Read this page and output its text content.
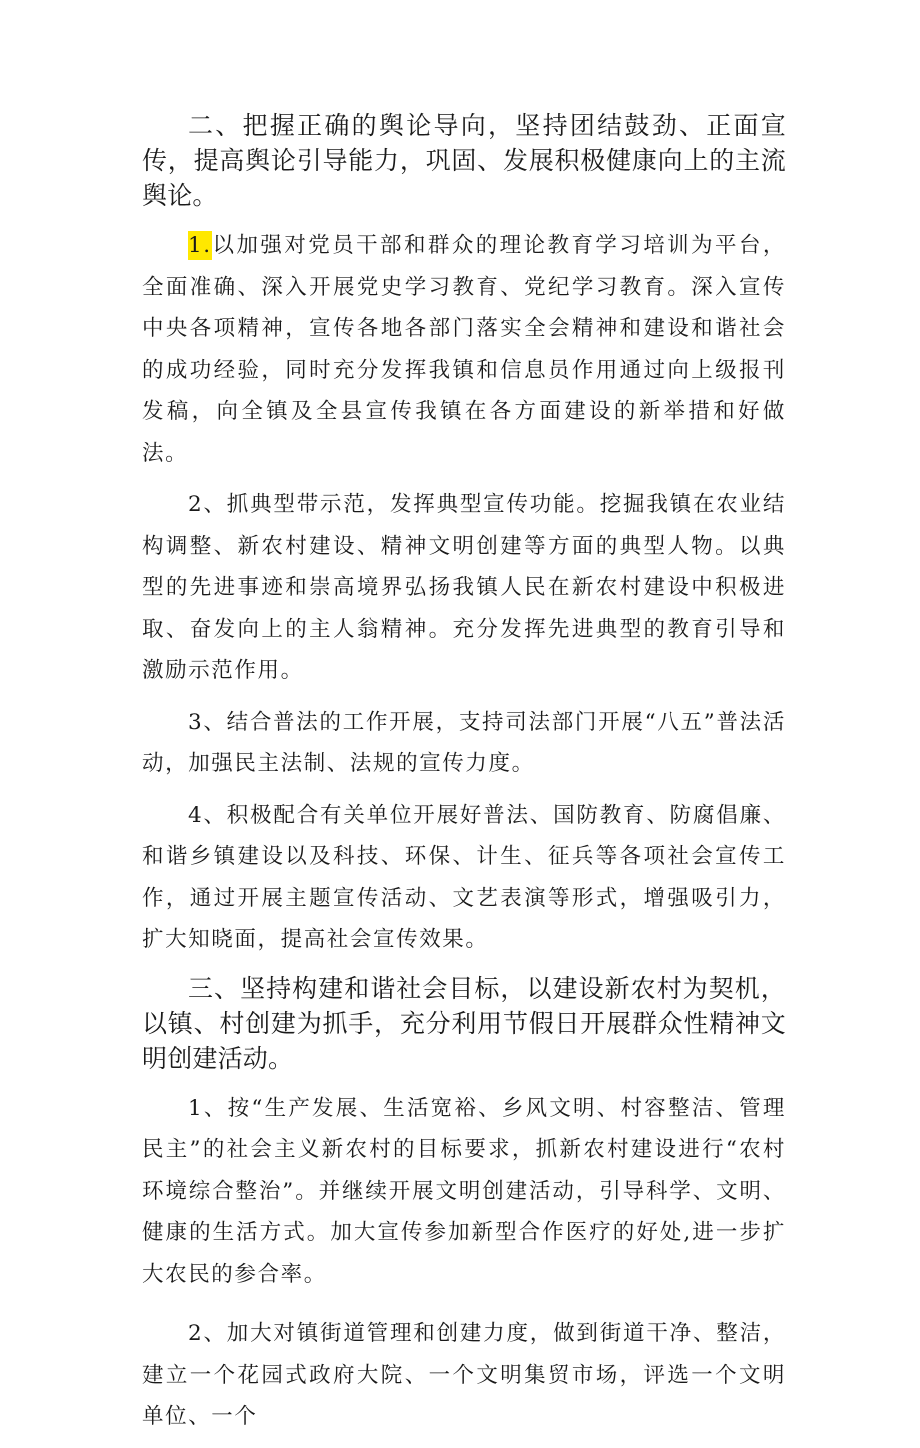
二、把握正确的舆论导向，坚持团结鼓劲、正面宣传，提高舆论引导能力，巩固、发展积极健康向上的主流舆论。

1.以加强对党员干部和群众的理论教育学习培训为平台，全面准确、深入开展党史学习教育、党纪学习教育。深入宣传中央各项精神，宣传各地各部门落实全会精神和建设和谐社会的成功经验，同时充分发挥我镇和信息员作用通过向上级报刊发稿，向全镇及全县宣传我镇在各方面建设的新举措和好做法。

2、抓典型带示范，发挥典型宣传功能。挖掘我镇在农业结构调整、新农村建设、精神文明创建等方面的典型人物。以典型的先进事迹和崇高境界弘扬我镇人民在新农村建设中积极进取、奋发向上的主人翁精神。充分发挥先进典型的教育引导和激励示范作用。

3、结合普法的工作开展，支持司法部门开展“八五”普法活动，加强民主法制、法规的宣传力度。

4、积极配合有关单位开展好普法、国防教育、防腐倡廉、和谐乡镇建设以及科技、环保、计生、征兵等各项社会宣传工作，通过开展主题宣传活动、文艺表演等形式，增强吸引力，扩大知晓面，提高社会宣传效果。

三、坚持构建和谐社会目标，以建设新农村为契机，以镇、村创建为抓手，充分利用节假日开展群众性精神文明创建活动。

1、按“生产发展、生活宽裕、乡风文明、村容整洁、管理民主”的社会主义新农村的目标要求，抓新农村建设进行“农村环境综合整治”。并继续开展文明创建活动，引导科学、文明、健康的生活方式。加大宣传参加新型合作医疗的好处,进一步扩大农民的参合率。

2、加大对镇街道管理和创建力度，做到街道干净、整洁，建立一个花园式政府大院、一个文明集贸市场，评选一个文明单位、一个
